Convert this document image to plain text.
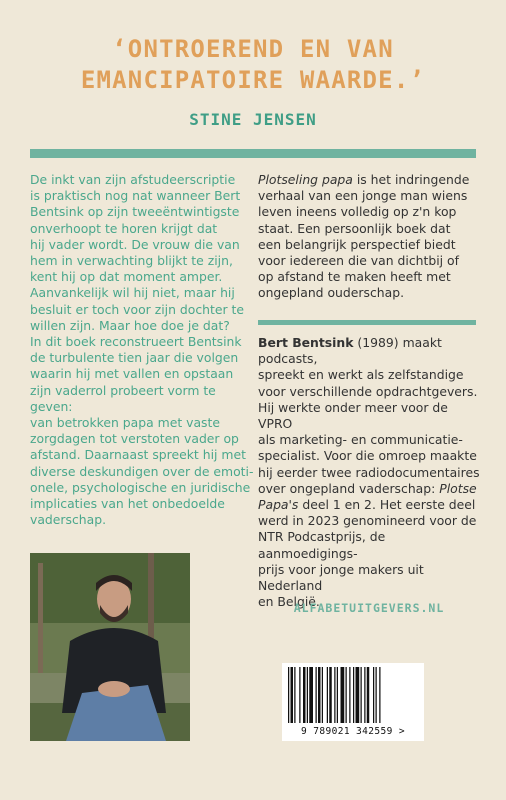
‘ONTROEREND EN VAN
EMANCIPATOIRE WAARDE.’

STINE JENSEN

De inkt van zijn afstudeerscriptie
is praktisch nog nat wanneer Bert
Bentsink op zijn tweeëntwintigste
onverhoopt te horen krijgt dat
hij vader wordt. De vrouw die van
hem in verwachting blijkt te zijn,
kent hij op dat moment amper.
Aanvankelijk wil hij niet, maar hij
besluit er toch voor zijn dochter te
willen zijn. Maar hoe doe je dat?
In dit boek reconstrueert Bentsink
de turbulente tien jaar die volgen
waarin hij met vallen en opstaan
zijn vaderrol probeert vorm te geven:
van betrokken papa met vaste
zorgdagen tot verstoten vader op
afstand. Daarnaast spreekt hij met
diverse deskundigen over de emoti-
onele, psychologische en juridische
implicaties van het onbedoelde
vaderschap.

Plotseling papa is het indringende
verhaal van een jonge man wiens
leven ineens volledig op z'n kop
staat. Een persoonlijk boek dat
een belangrijk perspectief biedt
voor iedereen die van dichtbij of
op afstand te maken heeft met
ongepland ouderschap.

Bert Bentsink (1989) maakt podcasts,
spreekt en werkt als zelfstandige
voor verschillende opdrachtgevers.
Hij werkte onder meer voor de VPRO
als marketing- en communicatie-
specialist. Voor die omroep maakte
hij eerder twee radiodocumentaires
over ongepland vaderschap: Plotse
Papa's deel 1 en 2. Het eerste deel
werd in 2023 genomineerd voor de
NTR Podcastprijs, de aanmoedigings-
prijs voor jonge makers uit Nederland
en België.

ALFABETUITGEVERS.NL

9 789021 342559 >
